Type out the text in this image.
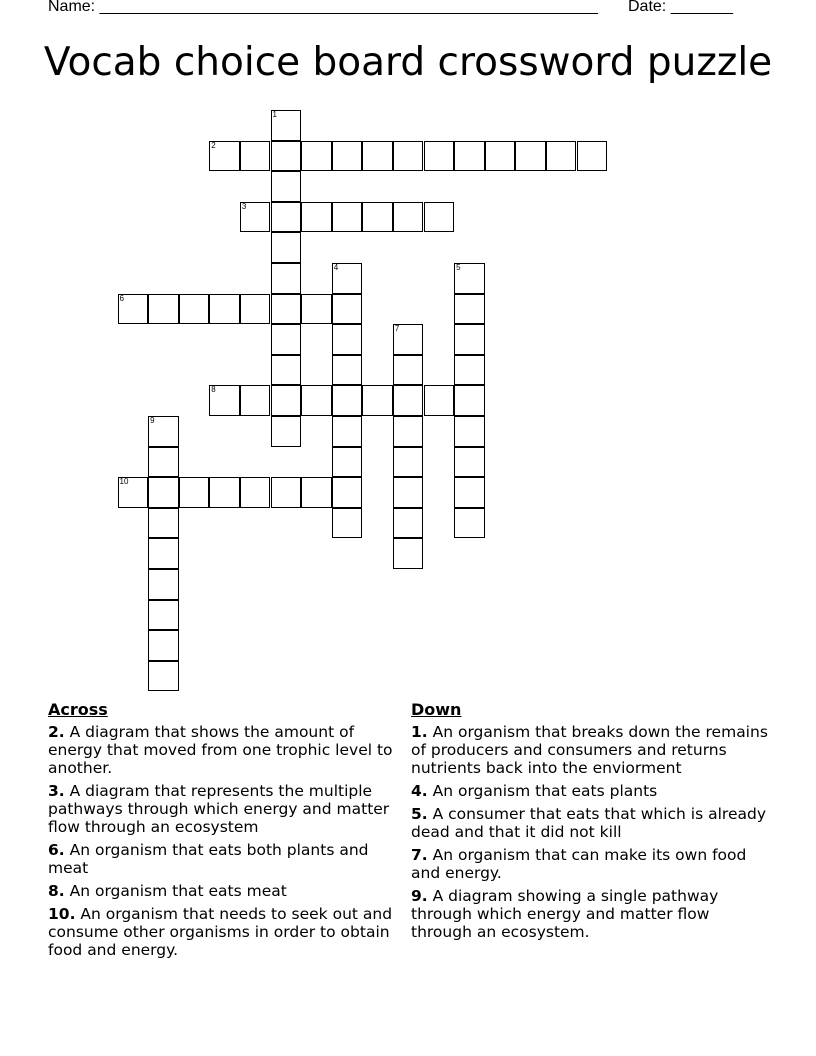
Name: ________________________________________________________ Date: _______
Vocab choice board crossword puzzle
1
2
3
4	5
6
7
8
9
10
Across
2. A diagram that shows the amount of energy that moved from one trophic level to another.
3. A diagram that represents the multiple pathways through which energy and matter flow through an ecosystem
6. An organism that eats both plants and meat
8. An organism that eats meat
10. An organism that needs to seek out and consume other organisms in order to obtain food and energy.
Down
1. An organism that breaks down the remains of producers and consumers and returns nutrients back into the enviorment
4. An organism that eats plants
5. A consumer that eats that which is already dead and that it did not kill
7. An organism that can make its own food and energy.
9. A diagram showing a single pathway through which energy and matter flow through an ecosystem.
